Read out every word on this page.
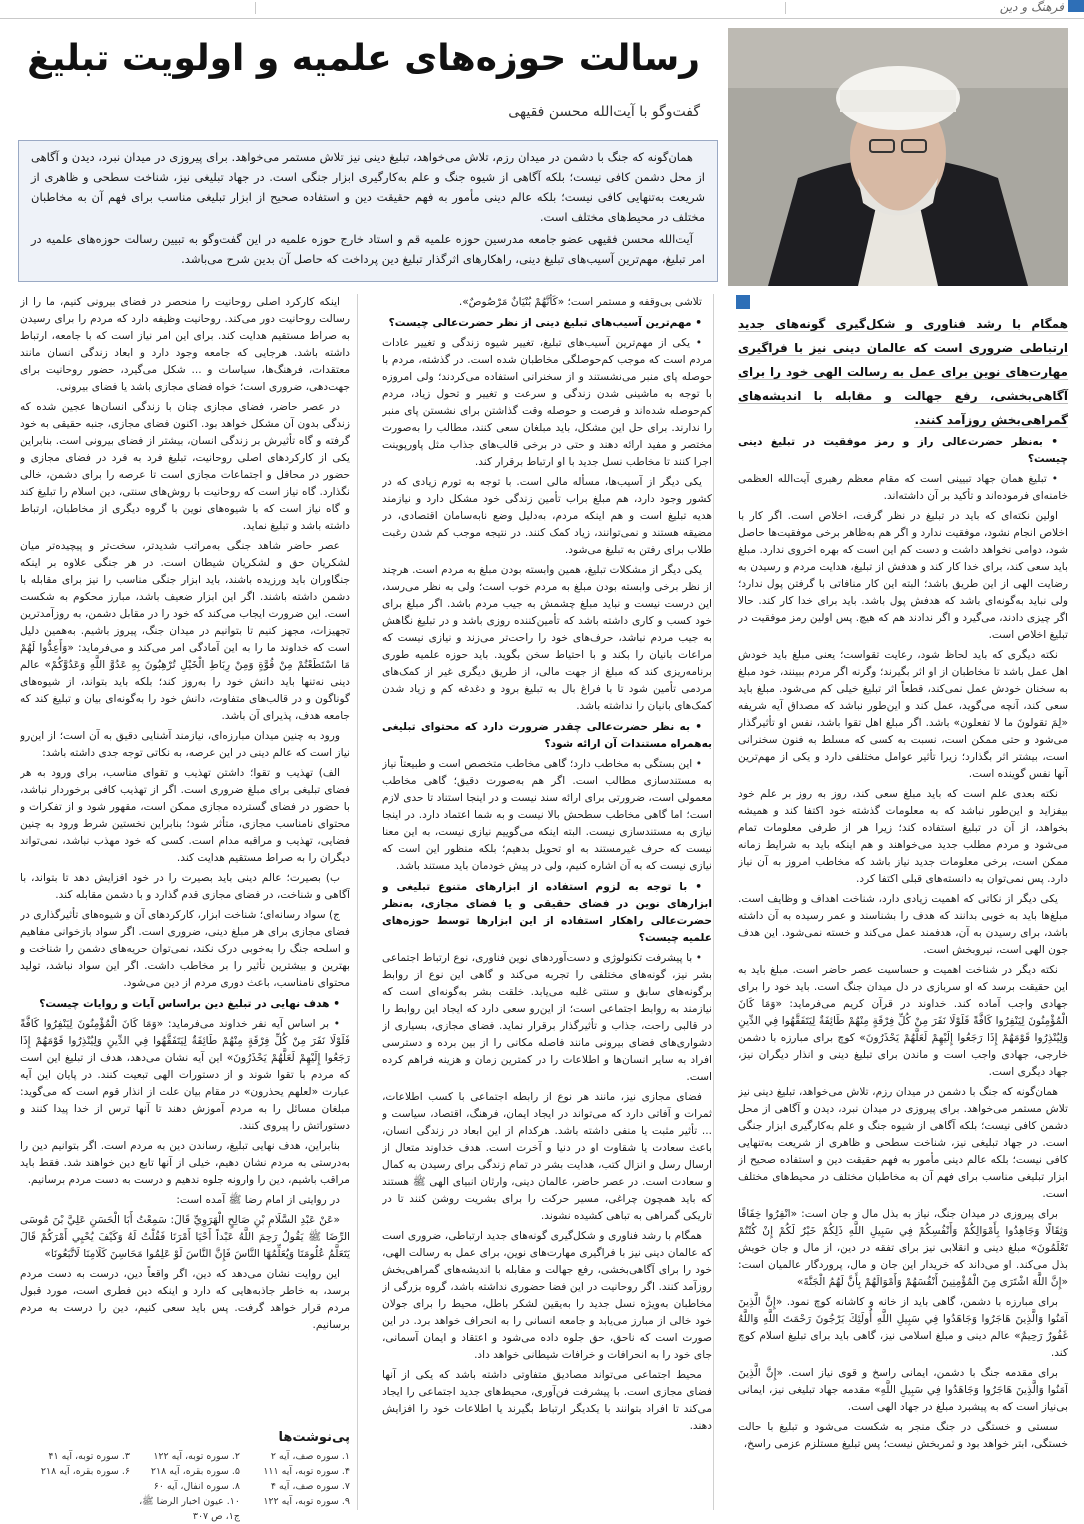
فرهنگ و دین
رسالت حوزه‌های علمیه و اولویت تبلیغ
گفت‌وگو با آیت‌الله محسن فقیهی

همان‌گونه که جنگ با دشمن در میدان رزم، تلاش می‌خواهد، تبلیغ دینی نیز تلاش مستمر می‌خواهد. برای پیروزی در میدان نبرد، دیدن و آگاهی از محل دشمن کافی نیست؛ بلکه آگاهی از شیوه جنگ و علم به‌کارگیری ابزار جنگی است. در جهاد تبلیغی نیز، شناخت سطحی و ظاهری از شریعت به‌تنهایی کافی نیست؛ بلکه عالم دینی مأمور به فهم حقیقت دین و استفاده صحیح از ابزار تبلیغی مناسب برای فهم آن به مخاطبان مختلف در محیط‌های مختلف است.

آیت‌الله محسن فقیهی عضو جامعه مدرسین حوزه علمیه قم و استاد خارج حوزه علمیه در این گفت‌وگو به تبیین رسالت حوزه‌های علمیه در امر تبلیغ، مهم‌ترین آسیب‌های تبلیغ دینی، راهکارهای اثرگذار تبلیغ دین پرداخت که حاصل آن بدین شرح می‌باشد.

همگام با رشد فناوری و شکل‌گیری گونه‌های جدید ارتباطی ضروری است که عالمان دینی نیز با فراگیری مهارت‌های نوین برای عمل به رسالت الهی خود را برای آگاهی‌بخشی، رفع جهالت و مقابله با اندیشه‌های گمراهی‌بخش روزآمد کنند.

• به‌نظر حضرت‌عالی راز و رمز موفقیت در تبلیغ دینی چیست؟

• تبلیغ همان جهاد تبیینی است که مقام معظم رهبری آیت‌الله العظمی خامنه‌ای فرموده‌اند و تأکید بر آن داشته‌اند.

اولین نکته‌ای که باید در تبلیغ در نظر گرفت، اخلاص است. اگر کار با اخلاص انجام نشود، موفقیت ندارد و اگر هم به‌ظاهر برخی موفقیت‌ها حاصل شود، دوامی نخواهد داشت و دست کم این است که بهره اخروی ندارد. مبلغ باید سعی کند، برای خدا کار کند و هدفش از تبلیغ، هدایت مردم و رسیدن به رضایت الهی از این طریق باشد؛ البته این کار منافاتی با گرفتن پول ندارد؛ ولی نباید به‌گونه‌ای باشد که هدفش پول باشد. باید برای خدا کار کند. حالا اگر چیزی دادند، می‌گیرد و اگر ندادند هم که هیچ. پس اولین رمز موفقیت در تبلیغ اخلاص است.

نکته دیگری که باید لحاظ شود، رعایت تقواست؛ یعنی مبلغ باید خودش اهل عمل باشد تا مخاطبان از او اثر بگیرند؛ وگرنه اگر مردم ببینند، خود مبلغ به سخنان خودش عمل نمی‌کند، قطعاً اثر تبلیغ خیلی کم می‌شود. مبلغ باید سعی کند، آنچه می‌گوید، عمل کند و این‌طور نباشد که مصداق آیه شریفه «لِمَ تقولونَ ما لا تفعلون» باشد. اگر مبلغ اهل تقوا باشد، نفس او تأثیرگذار می‌شود و حتی ممکن است، نسبت به کسی که مسلط به فنون سخنرانی است، بیشتر اثر بگذارد؛ زیرا تأثیر عوامل مختلفی دارد و یکی از مهم‌ترین آنها نفس گوینده است.

نکته بعدی علم است که باید مبلغ سعی کند، روز به روز بر علم خود بیفزاید و این‌طور نباشد که به معلومات گذشته خود اکتفا کند و همیشه بخواهد، از آن در تبلیغ استفاده کند؛ زیرا هر از طرفی معلومات تمام می‌شود و مردم مطلب جدید می‌خواهند و هم اینکه باید به شرایط زمانه ممکن است، برخی معلومات جدید نیاز باشد که مخاطب امروز به آن نیاز دارد. پس نمی‌توان به دانسته‌های قبلی اکتفا کرد.

یکی دیگر از نکاتی که اهمیت زیادی دارد، شناخت اهداف و وظایف است. مبلغ‌ها باید به خوبی بدانند که هدف را بشناسند و عمر رسیده به آن داشته باشد، برای رسیدن به آن، هدفمند عمل می‌کند و خسته نمی‌شود. این هدف جون الهی است، نیروبخش است.

نکته دیگر در شناخت اهمیت و حساسیت عصر حاضر است. مبلغ باید به این حقیقت برسد که او سربازی در دل میدان جنگ است. باید خود را برای جهادی واجب آماده کند. خداوند در قرآن کریم می‌فرماید: «وَمَا كَانَ الْمُؤْمِنُونَ لِيَنْفِرُوا كَافَّةً فَلَوْلَا نَفَرَ مِنْ كُلِّ فِرْقَةٍ مِنْهُمْ طَائِفَةٌ لِيَتَفَقَّهُوا فِي الدِّينِ وَلِيُنْذِرُوا قَوْمَهُمْ إِذَا رَجَعُوا إِلَيْهِمْ لَعَلَّهُمْ يَحْذَرُونَ» کوچ برای مبارزه با دشمن خارجی، جهادی واجب است و ماندن برای تبلیغ دینی و انذار دیگران نیز، جهاد دیگری است.

همان‌گونه که جنگ با دشمن در میدان رزم، تلاش می‌خواهد، تبلیغ دینی نیز تلاش مستمر می‌خواهد. برای پیروزی در میدان نبرد، دیدن و آگاهی از محل دشمن کافی نیست؛ بلکه آگاهی از شیوه جنگ و علم به‌کارگیری ابزار جنگی است. در جهاد تبلیغی نیز، شناخت سطحی و ظاهری از شریعت به‌تنهایی کافی نیست؛ بلکه عالم دینی مأمور به فهم حقیقت دین و استفاده صحیح از ابزار تبلیغی مناسب برای فهم آن به مخاطبان مختلف در محیط‌های مختلف است.

برای پیروزی در میدان جنگ، نیاز به بذل مال و جان است: «انْفِرُوا خِفَافًا وَثِقَالًا وَجَاهِدُوا بِأَمْوَالِكُمْ وَأَنْفُسِكُمْ فِي سَبِيلِ اللَّهِ ذَلِكُمْ خَيْرٌ لَكُمْ إِنْ كُنْتُمْ تَعْلَمُونَ» مبلغ دینی و انقلابی نیز برای تفقه در دین، از مال و جان خویش بذل می‌کند. او می‌داند که خریدار این جان و مال، پروردگار عالمیان است: «إِنَّ اللَّهَ اشْتَرَى مِنَ الْمُؤْمِنِينَ أَنْفُسَهُمْ وَأَمْوَالَهُمْ بِأَنَّ لَهُمُ الْجَنَّةَ»

برای مبارزه با دشمن، گاهی باید از خانه و کاشانه کوچ نمود. «إِنَّ الَّذِينَ آمَنُوا وَالَّذِينَ هَاجَرُوا وَجَاهَدُوا فِي سَبِيلِ اللَّهِ أُولَئِكَ يَرْجُونَ رَحْمَتَ اللَّهِ وَاللَّهُ غَفُورٌ رَحِيمٌ» عالم دینی و مبلغ اسلامی نیز، گاهی باید برای تبلیغ اسلام کوچ کند.

برای مقدمه جنگ با دشمن، ایمانی راسخ و قوی نیاز است. «إِنَّ الَّذِينَ آمَنُوا وَالَّذِينَ هَاجَرُوا وَجَاهَدُوا فِي سَبِيلِ اللَّهِ» مقدمه جهاد تبلیغی نیز، ایمانی بی‌نیاز است که به پیشبرد مبلغ در جهاد الهی است.

سستی و خستگی در جنگ منجر به شکست می‌شود و تبلیغ با حالت خستگی، ابتر خواهد بود و ثمربخش نیست؛ پس تبلیغ مستلزم عزمی راسخ،

تلاشی بی‌وقفه و مستمر است؛ «كَأَنَّهُمْ بُنْيَانٌ مَرْصُوصٌ».

• مهم‌ترین آسیب‌های تبلیغ دینی از نظر حضرت‌عالی چیست؟

• یکی از مهم‌ترین آسیب‌های تبلیغ، تغییر شیوه زندگی و تغییر عادات مردم است که موجب کم‌حوصلگی مخاطبان شده است. در گذشته، مردم با حوصله پای منبر می‌نشستند و از سخنرانی استفاده می‌کردند؛ ولی امروزه با توجه به ماشینی شدن زندگی و سرعت و تغییر و تحول زیاد، مردم کم‌حوصله شده‌اند و فرصت و حوصله وقت گذاشتن برای نشستن پای منبر را ندارند. برای حل این مشکل، باید مبلغان سعی کنند، مطالب را به‌صورت مختصر و مفید ارائه دهند و حتی در برخی قالب‌های جذاب مثل پاورپوینت اجرا کنند تا مخاطب نسل جدید با او ارتباط برقرار کند.

یکی دیگر از آسیب‌ها، مسأله مالی است. با توجه به تورم زیادی که در کشور وجود دارد، هم مبلغ براب تأمین زندگی خود مشکل دارد و نیازمند هدیه تبلیغ است و هم اینکه مردم، به‌دلیل وضع نابه‌سامان اقتصادی، در مضیقه هستند و نمی‌توانند، زیاد کمک کنند. در نتیجه موجب کم شدن رغبت طلاب برای رفتن به تبلیغ می‌شود.

یکی دیگر از مشکلات تبلیغ، همین وابسته بودن مبلغ به مردم است. هرچند از نظر برخی وابسته بودن مبلغ به مردم خوب است؛ ولی به نظر می‌رسد، این درست نیست و نباید مبلغ چشمش به جیب مردم باشد. اگر مبلغ برای خود کسب و کاری داشته باشد که تأمین‌کننده روزی باشد و در تبلیغ نگاهش به جیب مردم نباشد، حرف‌های خود را راحت‌تر می‌زند و نیازی نیست که مراعات بانیان را بکند و با احتیاط سخن بگوید. باید حوزه علمیه طوری برنامه‌ریزی کند که مبلغ از جهت مالی، از طریق دیگری غیر از کمک‌های مردمی تأمین شود تا با فراغ بال به تبلیغ برود و دغدغه کم و زیاد شدن کمک‌های بانیان را نداشته باشد.

• به نظر حضرت‌عالی چقدر ضرورت دارد که محتوای تبلیغی به‌همراه مستندات آن ارائه شود؟

• این بستگی به مخاطب دارد؛ گاهی مخاطب متخصص است و طبیعتاً نیاز به مستندسازی مطالب است. اگر هم به‌صورت دقیق؛ گاهی مخاطب معمولی است، ضرورتی برای ارائه سند نیست و در اینجا استناد تا حدی لازم است؛ اما گاهی مخاطب سطحش بالا نیست و به شما اعتماد دارد. در اینجا نیازی به مستندسازی نیست. البته اینکه می‌گوییم نیازی نیست، به این معنا نیست که حرف غیرمستند به او تحویل بدهیم؛ بلکه منظور این است که نیازی نیست که به آن اشاره کنیم، ولی در پیش خودمان باید مستند باشد.

• با توجه به لزوم استفاده از ابزارهای متنوع تبلیغی و ابزارهای نوین در فضای حقیقی و یا فضای مجازی، به‌نظر حضرت‌عالی راهکار استفاده از این ابزارها توسط حوزه‌های علمیه چیست؟

• با پیشرفت تکنولوژی و دست‌آوردهای نوین فناوری، نوع ارتباط اجتماعی بشر نیز، گونه‌های مختلفی را تجربه می‌کند و گاهی این نوع از روابط برگونه‌های سابق و سنتی غلبه می‌یابد. خلقت بشر به‌گونه‌ای است که نیازمند به روابط اجتماعی است؛ از این‌رو سعی دارد که ایجاد این روابط را در قالبی راحت، جذاب و تأثیرگذار برقرار نماید. فضای مجازی، بسیاری از دشواری‌های فضای بیرونی مانند فاصله مکانی را از بین برده و دسترسی افراد به سایر انسان‌ها و اطلاعات را در کمترین زمان و هزینه فراهم کرده است.

فضای مجازی نیز، مانند هر نوع از رابطه اجتماعی با کسب اطلاعات، ثمرات و آفاتی دارد که می‌تواند در ایجاد ایمان، فرهنگ، اقتصاد، سیاست و ... تأثیر مثبت یا منفی داشته باشد. هرکدام از این ابعاد در زندگی انسان، باعث سعادت یا شقاوت او در دنیا و آخرت است. هدف خداوند متعال از ارسال رسل و انزال کتب، هدایت بشر در تمام زندگی برای رسیدن به کمال و سعادت است. در عصر حاضر، عالمان دینی، وارثان انبیای الهی ﷺ هستند که باید همچون چراغی، مسیر حرکت را برای بشریت روشن کنند تا در تاریکی گمراهی به تباهی کشیده نشوند.

همگام با رشد فناوری و شکل‌گیری گونه‌های جدید ارتباطی، ضروری است که عالمان دینی نیز با فراگیری مهارت‌های نوین، برای عمل به رسالت الهی، خود را برای آگاهی‌بخشی، رفع جهالت و مقابله با اندیشه‌های گمراهی‌بخش روزآمد کنند. اگر روحانیت در این فضا حضوری نداشته باشد، گروه بزرگی از مخاطبان به‌ویژه نسل جدید را به‌یقین لشکر باطل، محیط را برای جولان خود خالی از مبارز می‌یابد و جامعه انسانی را به انحراف خواهد برد. در این صورت است که ناحق، حق جلوه داده می‌شود و اعتقاد و ایمان آسمانی، جای خود را به انحرافات و خرافات شیطانی خواهد داد.

محیط اجتماعی می‌تواند مصادیق متفاوتی داشته باشد که یکی از آنها فضای مجازی است. با پیشرفت فن‌آوری، محیط‌های جدید اجتماعی را ایجاد می‌کند تا افراد بتوانند با یکدیگر ارتباط بگیرند یا اطلاعات خود را افزایش دهند.

اینکه کارکرد اصلی روحانیت را منحصر در فضای بیرونی کنیم، ما را از رسالت روحانیت دور می‌کند. روحانیت وظیفه دارد که مردم را برای رسیدن به صراط مستقیم هدایت کند. برای این امر نیاز است که با جامعه، ارتباط داشته باشد. هرجایی که جامعه وجود دارد و ابعاد زندگی انسان مانند معتقدات، فرهنگ‌ها، سیاسات و ... شکل می‌گیرد، حضور روحانیت برای جهت‌دهی، ضروری است؛ خواه فضای مجازی باشد یا فضای بیرونی.

در عصر حاضر، فضای مجازی چنان با زندگی انسان‌ها عجین شده که زندگی بدون آن مشکل خواهد بود. اکنون فضای مجازی، جنبه حقیقی به خود گرفته و گاه تأثیرش بر زندگی انسان، بیشتر از فضای بیرونی است. بنابراین یکی از کارکردهای اصلی روحانیت، تبلیغ فرد به فرد در فضای مجازی و حضور در محافل و اجتماعات مجازی است تا عرصه را برای دشمن، خالی نگذارد. گاه نیاز است که روحانیت با روش‌های سنتی، دین اسلام را تبلیغ کند و گاه نیاز است که با شیوه‌های نوین با گروه دیگری از مخاطبان، ارتباط داشته باشد و تبلیغ نماید.

عصر حاضر شاهد جنگی به‌مراتب شدیدتر، سخت‌تر و پیچیده‌تر میان لشکریان حق و لشکریان شیطان است. در هر جنگی علاوه بر اینکه جنگاوران باید ورزیده باشند، باید ابزار جنگی مناسب را نیز برای مقابله با دشمن داشته باشند. اگر این ابزار ضعیف باشد، مبارز محکوم به شکست است. این ضرورت ایجاب می‌کند که خود را در مقابل دشمن، به روزآمدترین تجهیزات، مجهز کنیم تا بتوانیم در میدان جنگ، پیروز باشیم. به‌همین دلیل است که خداوند ما را به این آمادگی امر می‌کند و می‌فرماید: «وَأَعِدُّوا لَهُمْ مَا اسْتَطَعْتُمْ مِنْ قُوَّةٍ وَمِنْ رِبَاطِ الْخَيْلِ تُرْهِبُونَ بِهِ عَدُوَّ اللَّهِ وَعَدُوَّكُمْ» عالم دینی نه‌تنها باید دانش خود را به‌روز کند؛ بلکه باید بتواند، از شیوه‌های گوناگون و در قالب‌های متفاوت، دانش خود را به‌گونه‌ای بیان و تبلیغ کند که جامعه هدف، پذیرای آن باشد.

ورود به چنین میدان مبارزه‌ای، نیازمند آشنایی دقیق به آن است؛ از این‌رو نیاز است که عالم دینی در این عرصه، به نکاتی توجه جدی داشته باشد:

الف) تهذیب و تقوا؛ داشتن تهذیب و تقوای مناسب، برای ورود به هر فضای تبلیغی برای مبلغ ضروری است. اگر از تهذیب کافی برخوردار نباشد، با حضور در فضای گسترده مجازی ممکن است، مقهور شود و از تفکرات و محتوای نامناسب مجازی، متأثر شود؛ بنابراین نخستین شرط ورود به چنین فضایی، تهذیب و مراقبه مدام است. کسی که خود مهذب نباشد، نمی‌تواند دیگران را به صراط مستقیم هدایت کند.

ب) بصیرت؛ عالم دینی باید بصیرت را در خود افزایش دهد تا بتواند، با آگاهی و شناخت، در فضای مجازی قدم گذارد و با دشمن مقابله کند.

ج) سواد رسانه‌ای؛ شناخت ابزار، کارکردهای آن و شیوه‌های تأثیرگذاری در فضای مجازی برای هر مبلغ دینی، ضروری است. اگر سواد بازخوانی مفاهیم و اسلحه جنگ را به‌خوبی درک نکند، نمی‌توان حریه‌های دشمن را شناخت و بهترین و بیشترین تأثیر را بر مخاطب داشت. اگر این سواد نباشد، تولید محتوای نامناسب، باعث دوری مردم از دین می‌شود.

• هدف نهایی در تبلیغ دین براساس آیات و روایات چیست؟

• بر اساس آیه نفر خداوند می‌فرماید: «وَمَا كَانَ الْمُؤْمِنُونَ لِيَنْفِرُوا كَافَّةً فَلَوْلَا نَفَرَ مِنْ كُلِّ فِرْقَةٍ مِنْهُمْ طَائِفَةٌ لِيَتَفَقَّهُوا فِي الدِّينِ وَلِيُنْذِرُوا قَوْمَهُمْ إِذَا رَجَعُوا إِلَيْهِمْ لَعَلَّهُمْ يَحْذَرُونَ» این آیه نشان می‌دهد، هدف از تبلیغ این است که مردم با تقوا شوند و از دستورات الهی تبعیت کنند. در پایان این آیه عبارت «لعلهم یحذرون» در مقام بیان علت از انذار قوم است که می‌گوید: مبلغان مسائل را به مردم آموزش دهند تا آنها ترس از خدا پیدا کنند و دستوراتش را پیروی کنند.

بنابراین، هدف نهایی تبلیغ، رساندن دین به مردم است. اگر بتوانیم دین را به‌درستی به مردم نشان دهیم، خیلی از آنها تابع دین خواهند شد. فقط باید مراقب باشیم، دین را وارونه جلوه ندهیم و درست به دست مردم برسانیم.

در روایتی از امام رضا ﷺ آمده است:

«عَنْ عَبْدِ السَّلَامِ بْنِ صَالِحٍ الْهَرَوِيِّ قَالَ: سَمِعْتُ أَبَا الْحَسَنِ عَلِيَّ بْنَ مُوسَى الرِّضَا ﷺ يَقُولُ رَحِمَ اللَّهُ عَبْداً أَحْيَا أَمْرَنَا فَقُلْتُ لَهُ وَكَيْفَ يُحْيِي أَمْرَكُمْ قَالَ يَتَعَلَّمُ عُلُومَنَا وَيُعَلِّمُهَا النَّاسَ فَإِنَّ النَّاسَ لَوْ عَلِمُوا مَحَاسِنَ كَلَامِنَا لَاتَّبَعُونَا»

این روایت نشان می‌دهد که دین، اگر واقعاً دین، درست به دست مردم برسد، به خاطر جاذبه‌هایی که دارد و اینکه دین فطری است، مورد قبول مردم قرار خواهد گرفت. پس باید سعی کنیم، دین را درست به مردم برسانیم.

پی‌نوشت‌ها
۱. سوره صف، آیه ۲
۲. سوره توبه، آیه ۱۲۲
۳. سوره توبه، آیه ۴۱
۴. سوره توبه، آیه ۱۱۱
۵. سوره بقره، آیه ۲۱۸
۶. سوره بقره، آیه ۲۱۸
۷. سوره صف، آیه ۴
۸. سوره انفال، آیه ۶۰
۹. سوره توبه، آیه ۱۲۲
۱۰. عیون اخبار الرضا ﷺ، ج۱، ص ۳۰۷
